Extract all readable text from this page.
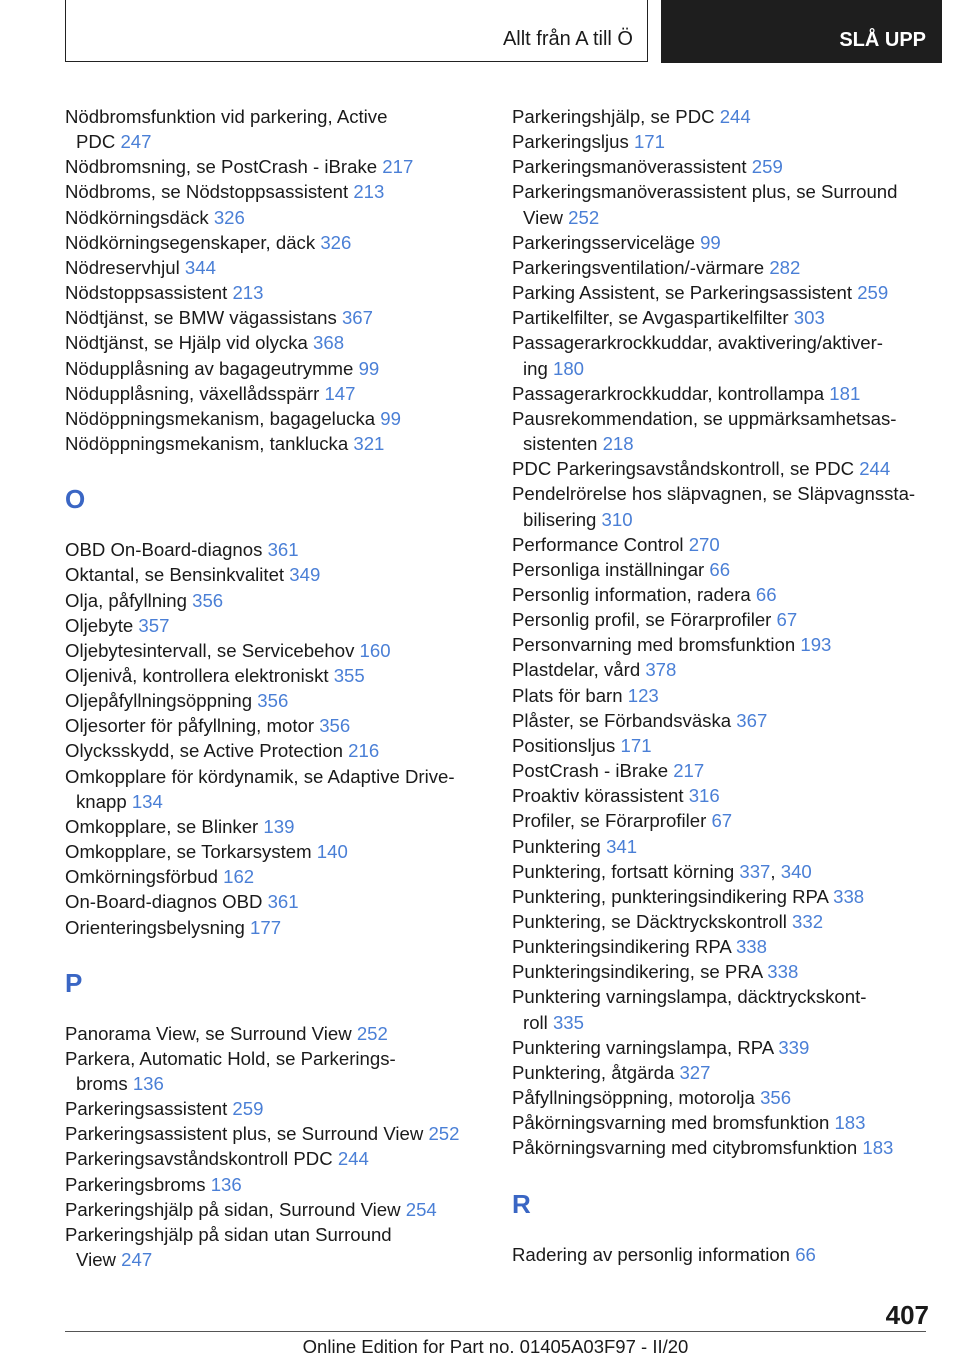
Allt från A till Ö	SLÅ UPP
Nödbromsfunktion vid parkering, Active
PDC 247
Nödbromsning, se PostCrash - iBrake 217
Nödbroms, se Nödstoppsassistent 213
Nödkörningsdäck 326
Nödkörningsegenskaper, däck 326
Nödreservhjul 344
Nödstoppsassistent 213
Nödtjänst, se BMW vägassistans 367
Nödtjänst, se Hjälp vid olycka 368
Nödupplåsning av bagageutrymme 99
Nödupplåsning, växellådsspärr 147
Nödöppningsmekanism, bagagelucka 99
Nödöppningsmekanism, tanklucka 321
O
OBD On-Board-diagnos 361
Oktantal, se Bensinkvalitet 349
Olja, påfyllning 356
Oljebyte 357
Oljebytesintervall, se Servicebehov 160
Oljenivå, kontrollera elektroniskt 355
Oljepåfyllningsöppning 356
Oljesorter för påfyllning, motor 356
Olycksskydd, se Active Protection 216
Omkopplare för kördynamik, se Adaptive Drive-
knapp 134
Omkopplare, se Blinker 139
Omkopplare, se Torkarsystem 140
Omkörningsförbud 162
On-Board-diagnos OBD 361
Orienteringsbelysning 177
P
Panorama View, se Surround View 252
Parkera, Automatic Hold, se Parkerings-
broms 136
Parkeringsassistent 259
Parkeringsassistent plus, se Surround View 252
Parkeringsavståndskontroll PDC 244
Parkeringsbroms 136
Parkeringshjälp på sidan, Surround View 254
Parkeringshjälp på sidan utan Surround
View 247
Parkeringshjälp, se PDC 244
Parkeringsljus 171
Parkeringsmanöverassistent 259
Parkeringsmanöverassistent plus, se Surround
View 252
Parkeringsserviceläge 99
Parkeringsventilation/-värmare 282
Parking Assistent, se Parkeringsassistent 259
Partikelfilter, se Avgaspartikelfilter 303
Passagerarkrockkuddar, avaktivering/aktiver-
ing 180
Passagerarkrockkuddar, kontrollampa 181
Pausrekommendation, se uppmärksamhetsas-
sistenten 218
PDC Parkeringsavståndskontroll, se PDC 244
Pendelrörelse hos släpvagnen, se Släpvagnssta-
bilisering 310
Performance Control 270
Personliga inställningar 66
Personlig information, radera 66
Personlig profil, se Förarprofiler 67
Personvarning med bromsfunktion 193
Plastdelar, vård 378
Plats för barn 123
Plåster, se Förbandsväska 367
Positionsljus 171
PostCrash - iBrake 217
Proaktiv körassistent 316
Profiler, se Förarprofiler 67
Punktering 341
Punktering, fortsatt körning 337, 340
Punktering, punkteringsindikering RPA 338
Punktering, se Däcktryckskontroll 332
Punkteringsindikering RPA 338
Punkteringsindikering, se PRA 338
Punktering varningslampa, däcktryckskont-
roll 335
Punktering varningslampa, RPA 339
Punktering, åtgärda 327
Påfyllningsöppning, motorolja 356
Påkörningsvarning med bromsfunktion 183
Påkörningsvarning med citybromsfunktion 183
R
Radering av personlig information 66
407
Online Edition for Part no. 01405A03F97 - II/20
